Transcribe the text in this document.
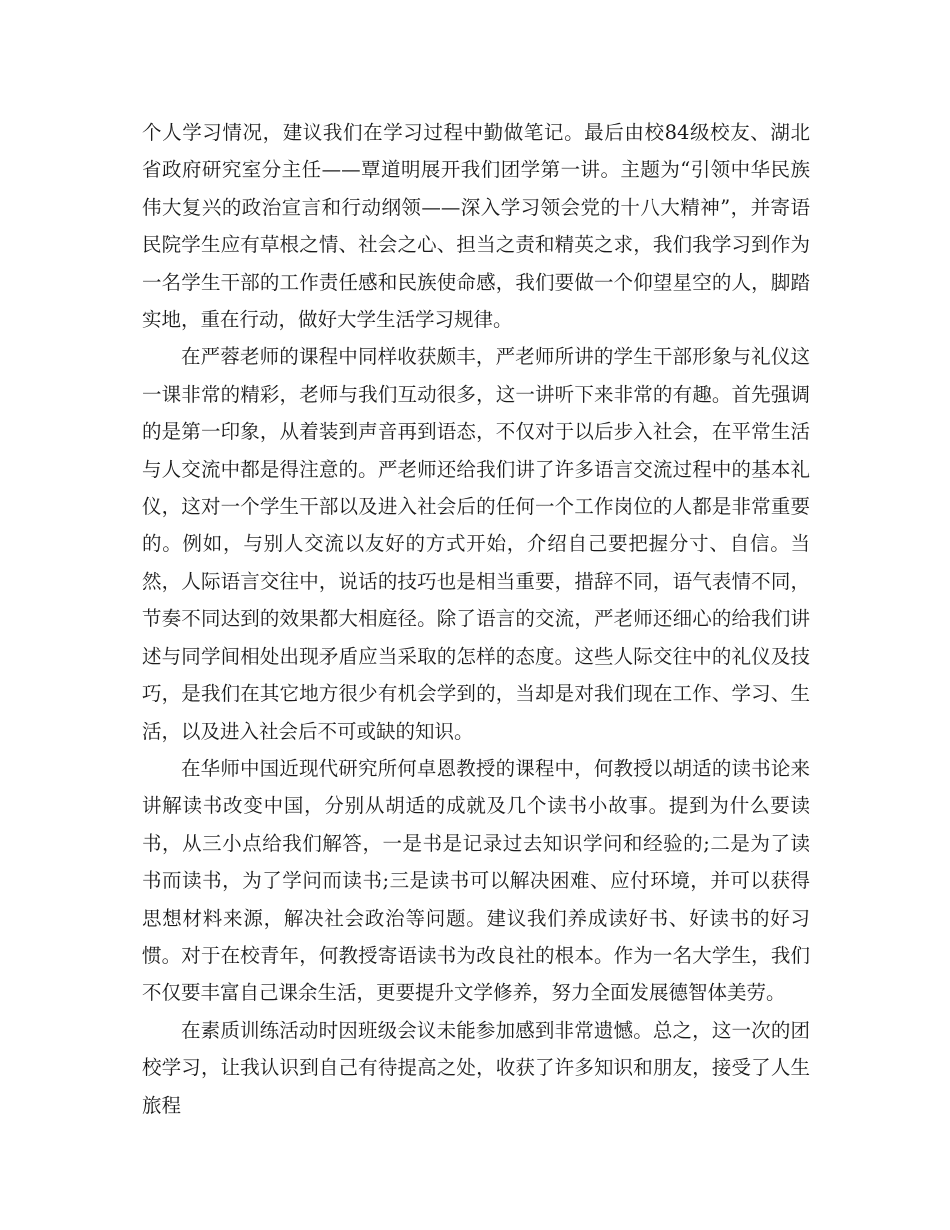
个人学习情况，建议我们在学习过程中勤做笔记。最后由校84级校友、湖北省政府研究室分主任——覃道明展开我们团学第一讲。主题为“引领中华民族伟大复兴的政治宣言和行动纲领——深入学习领会党的十八大精神”，并寄语民院学生应有草根之情、社会之心、担当之责和精英之求，我们我学习到作为一名学生干部的工作责任感和民族使命感，我们要做一个仰望星空的人，脚踏实地，重在行动，做好大学生活学习规律。

在严蓉老师的课程中同样收获颇丰，严老师所讲的学生干部形象与礼仪这一课非常的精彩，老师与我们互动很多，这一讲听下来非常的有趣。首先强调的是第一印象，从着装到声音再到语态，不仅对于以后步入社会，在平常生活与人交流中都是得注意的。严老师还给我们讲了许多语言交流过程中的基本礼仪，这对一个学生干部以及进入社会后的任何一个工作岗位的人都是非常重要的。例如，与别人交流以友好的方式开始，介绍自己要把握分寸、自信。当然，人际语言交往中，说话的技巧也是相当重要，措辞不同，语气表情不同，节奏不同达到的效果都大相庭径。除了语言的交流，严老师还细心的给我们讲述与同学间相处出现矛盾应当采取的怎样的态度。这些人际交往中的礼仪及技巧，是我们在其它地方很少有机会学到的，当却是对我们现在工作、学习、生活，以及进入社会后不可或缺的知识。

在华师中国近现代研究所何卓恩教授的课程中，何教授以胡适的读书论来讲解读书改变中国，分别从胡适的成就及几个读书小故事。提到为什么要读书，从三小点给我们解答，一是书是记录过去知识学问和经验的;二是为了读书而读书，为了学问而读书;三是读书可以解决困难、应付环境，并可以获得思想材料来源，解决社会政治等问题。建议我们养成读好书、好读书的好习惯。对于在校青年，何教授寄语读书为改良社的根本。作为一名大学生，我们不仅要丰富自己课余生活，更要提升文学修养，努力全面发展德智体美劳。

在素质训练活动时因班级会议未能参加感到非常遗憾。总之，这一次的团校学习，让我认识到自己有待提高之处，收获了许多知识和朋友，接受了人生旅程
